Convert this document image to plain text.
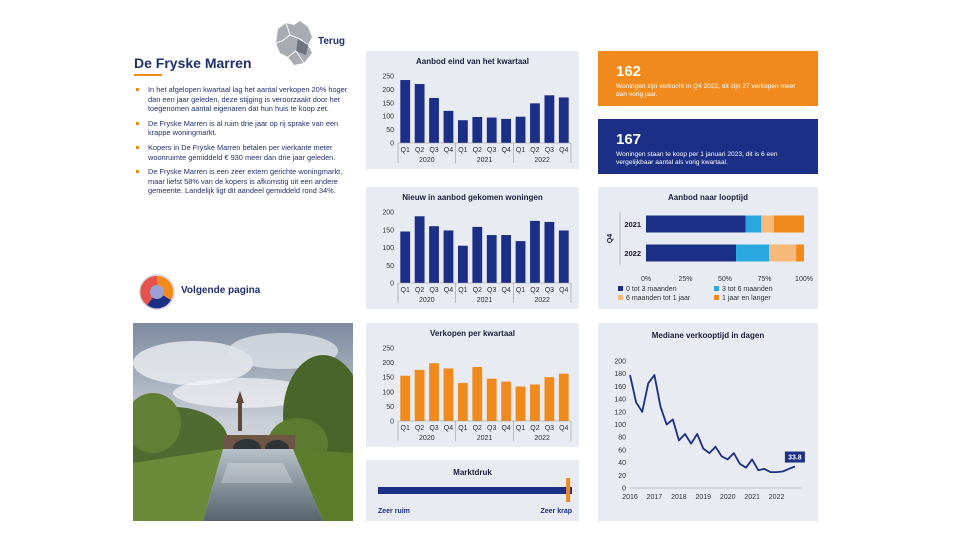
Terug
De Fryske Marren
In het afgelopen kwartaal lag het aantal verkopen 20% hoger dan een jaar geleden, deze stijging is veroorzaakt door het toegenomen aantal eigenaren dat hun huis te koop zet.
De Fryske Marren is al ruim drie jaar op rij sprake van een krappe woningmarkt.
Kopers in De Fryske Marren betalen per vierkante meter woonruimte gemiddeld € 930 meer dan drie jaar geleden.
De Fryske Marren is een zeer extern gerichte woningmarkt, maar liefst 58% van de kopers is afkomstig uit een andere gemeente. Landelijk ligt dit aandeel gemiddeld rond 34%.
Volgende pagina
Aanbod eind van het kwartaal
0
50
100
150
200
250
Q1 Q2 Q3 Q4 Q1 Q2 Q3 Q4 Q1 Q2 Q3 Q4
2020	2021	2022
Nieuw in aanbod gekomen woningen
0
50
100
150
200
Q1 Q2 Q3 Q4 Q1 Q2 Q3 Q4 Q1 Q2 Q3 Q4
2020	2021	2022
Verkopen per kwartaal
0
50
100
150
200
250
Q1 Q2 Q3 Q4 Q1 Q2 Q3 Q4 Q1 Q2 Q3 Q4
2020	2021	2022
Marktdruk
Zeer ruim	Zeer krap
162
Woningen zijn verkocht in Q4 2022, dit zijn 27 verkopen meer dan vorig jaar.
167
Woningen staan te koop per 1 januari 2023, dit is 6 een vergelijkbaar aantal als vorig kwartaal.
Aanbod naar looptijd
2021
2022
Q4
0%	25%	50%	75%	100%
0 tot 3 maanden	3 tot 6 maanden
6 maanden tot 1 jaar	1 jaar en langer
Mediane verkooptijd in dagen
0
20
40
60
80
100
120
140
160
180
200
2016 2017 2018 2019 2020 2021 2022
33.8
